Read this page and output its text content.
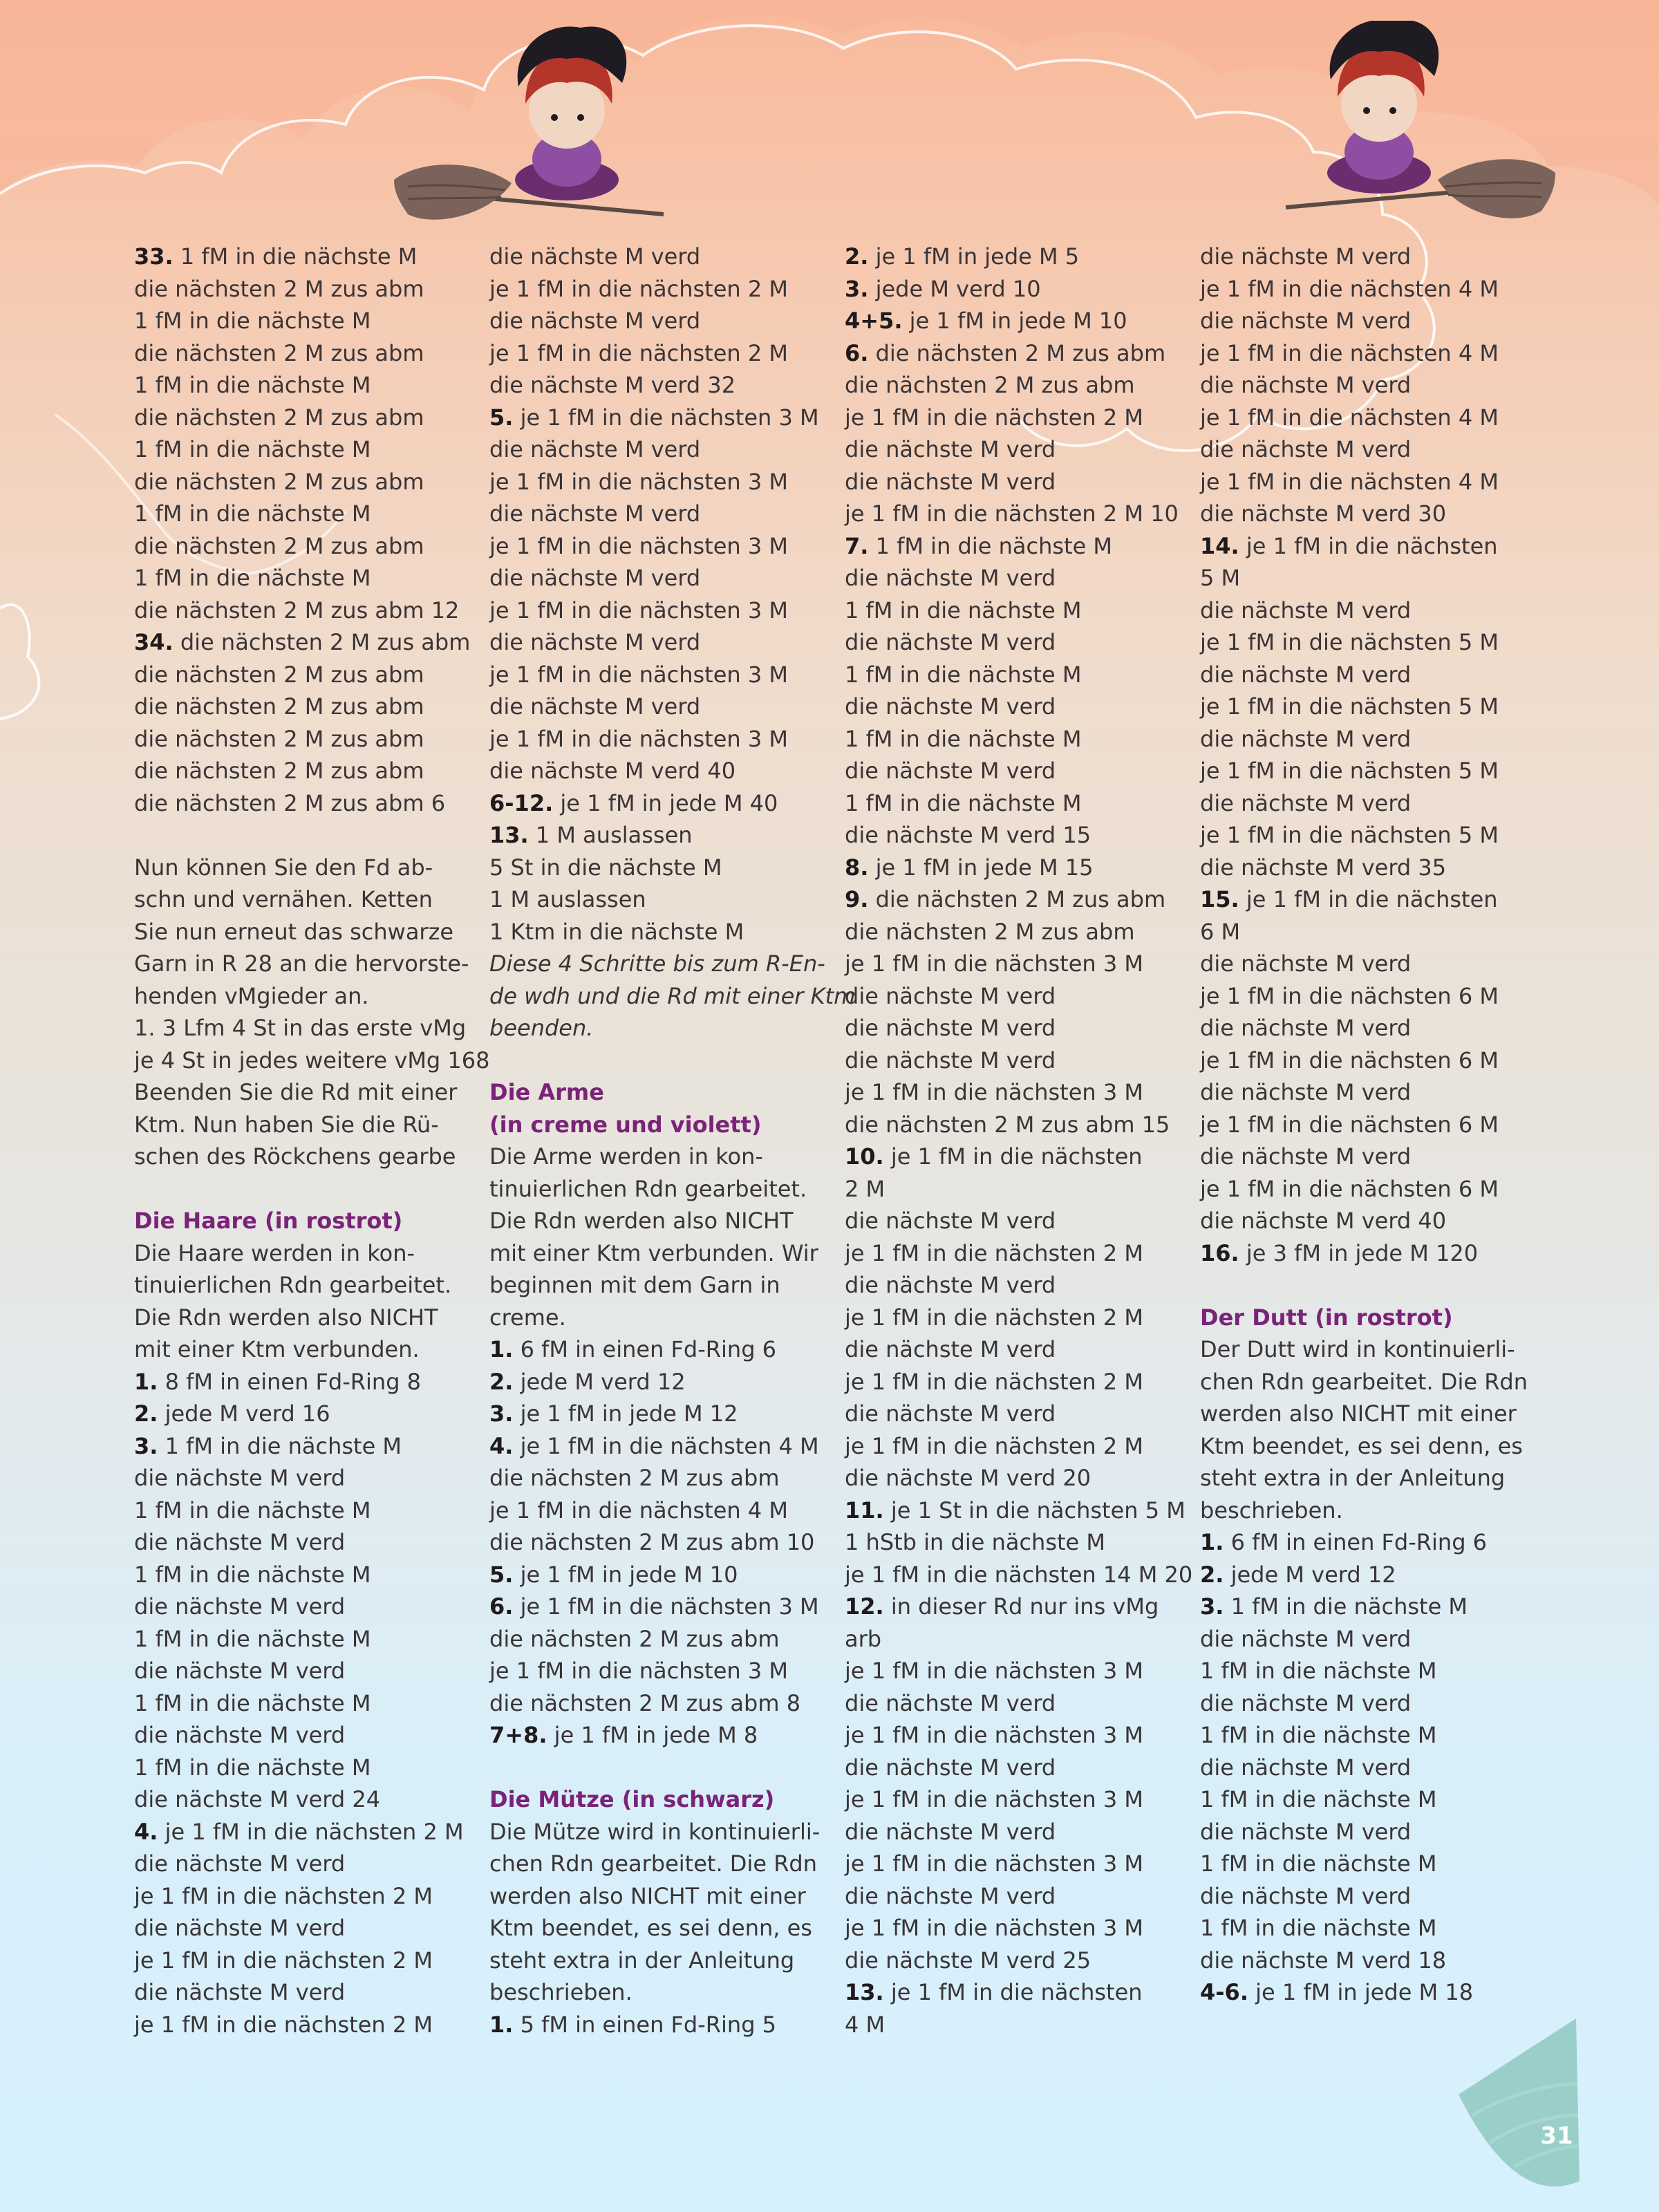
33. 1 fM in die nächste M
die nächsten 2 M zus abm
1 fM in die nächste M
die nächsten 2 M zus abm
1 fM in die nächste M
die nächsten 2 M zus abm
1 fM in die nächste M
die nächsten 2 M zus abm
1 fM in die nächste M
die nächsten 2 M zus abm
1 fM in die nächste M
die nächsten 2 M zus abm 12
34. die nächsten 2 M zus abm
die nächsten 2 M zus abm
die nächsten 2 M zus abm
die nächsten 2 M zus abm
die nächsten 2 M zus abm
die nächsten 2 M zus abm 6
Nun können Sie den Fd ab-
schn und vernähen. Ketten
Sie nun erneut das schwarze
Garn in R 28 an die hervorste-
henden vMgieder an.
1. 3 Lfm 4 St in das erste vMg
je 4 St in jedes weitere vMg 168
Beenden Sie die Rd mit einer
Ktm. Nun haben Sie die Rü-
schen des Röckchens gearbe
Die Haare (in rostrot)
Die Haare werden in kon-
tinuierlichen Rdn gearbeitet.
Die Rdn werden also NICHT
mit einer Ktm verbunden.
1. 8 fM in einen Fd-Ring 8
2. jede M verd 16
3. 1 fM in die nächste M
die nächste M verd
1 fM in die nächste M
die nächste M verd
1 fM in die nächste M
die nächste M verd
1 fM in die nächste M
die nächste M verd
1 fM in die nächste M
die nächste M verd
1 fM in die nächste M
die nächste M verd 24
4. je 1 fM in die nächsten 2 M
die nächste M verd
je 1 fM in die nächsten 2 M
die nächste M verd
je 1 fM in die nächsten 2 M
die nächste M verd
je 1 fM in die nächsten 2 M
die nächste M verd
je 1 fM in die nächsten 2 M
die nächste M verd
je 1 fM in die nächsten 2 M
die nächste M verd 32
5. je 1 fM in die nächsten 3 M
die nächste M verd
je 1 fM in die nächsten 3 M
die nächste M verd
je 1 fM in die nächsten 3 M
die nächste M verd
je 1 fM in die nächsten 3 M
die nächste M verd
je 1 fM in die nächsten 3 M
die nächste M verd
je 1 fM in die nächsten 3 M
die nächste M verd 40
6-12. je 1 fM in jede M 40
13. 1 M auslassen
5 St in die nächste M
1 M auslassen
1 Ktm in die nächste M
Diese 4 Schritte bis zum R-En-
de wdh und die Rd mit einer Ktm
beenden.
Die Arme
(in creme und violett)
Die Arme werden in kon-
tinuierlichen Rdn gearbeitet.
Die Rdn werden also NICHT
mit einer Ktm verbunden. Wir
beginnen mit dem Garn in
creme.
1. 6 fM in einen Fd-Ring 6
2. jede M verd 12
3. je 1 fM in jede M 12
4. je 1 fM in die nächsten 4 M
die nächsten 2 M zus abm
je 1 fM in die nächsten 4 M
die nächsten 2 M zus abm 10
5. je 1 fM in jede M 10
6. je 1 fM in die nächsten 3 M
die nächsten 2 M zus abm
je 1 fM in die nächsten 3 M
die nächsten 2 M zus abm 8
7+8. je 1 fM in jede M 8
Die Mütze (in schwarz)
Die Mütze wird in kontinuierli-
chen Rdn gearbeitet. Die Rdn
werden also NICHT mit einer
Ktm beendet, es sei denn, es
steht extra in der Anleitung
beschrieben.
1. 5 fM in einen Fd-Ring 5
2. je 1 fM in jede M 5
3. jede M verd 10
4+5. je 1 fM in jede M 10
6. die nächsten 2 M zus abm
die nächsten 2 M zus abm
je 1 fM in die nächsten 2 M
die nächste M verd
die nächste M verd
je 1 fM in die nächsten 2 M 10
7. 1 fM in die nächste M
die nächste M verd
1 fM in die nächste M
die nächste M verd
1 fM in die nächste M
die nächste M verd
1 fM in die nächste M
die nächste M verd
1 fM in die nächste M
die nächste M verd 15
8. je 1 fM in jede M 15
9. die nächsten 2 M zus abm
die nächsten 2 M zus abm
je 1 fM in die nächsten 3 M
die nächste M verd
die nächste M verd
die nächste M verd
je 1 fM in die nächsten 3 M
die nächsten 2 M zus abm 15
10. je 1 fM in die nächsten
2 M
die nächste M verd
je 1 fM in die nächsten 2 M
die nächste M verd
je 1 fM in die nächsten 2 M
die nächste M verd
je 1 fM in die nächsten 2 M
die nächste M verd
je 1 fM in die nächsten 2 M
die nächste M verd 20
11. je 1 St in die nächsten 5 M
1 hStb in die nächste M
je 1 fM in die nächsten 14 M 20
12. in dieser Rd nur ins vMg
arb
je 1 fM in die nächsten 3 M
die nächste M verd
je 1 fM in die nächsten 3 M
die nächste M verd
je 1 fM in die nächsten 3 M
die nächste M verd
je 1 fM in die nächsten 3 M
die nächste M verd
je 1 fM in die nächsten 3 M
die nächste M verd 25
13. je 1 fM in die nächsten
4 M
die nächste M verd
je 1 fM in die nächsten 4 M
die nächste M verd
je 1 fM in die nächsten 4 M
die nächste M verd
je 1 fM in die nächsten 4 M
die nächste M verd
je 1 fM in die nächsten 4 M
die nächste M verd 30
14. je 1 fM in die nächsten
5 M
die nächste M verd
je 1 fM in die nächsten 5 M
die nächste M verd
je 1 fM in die nächsten 5 M
die nächste M verd
je 1 fM in die nächsten 5 M
die nächste M verd
je 1 fM in die nächsten 5 M
die nächste M verd 35
15. je 1 fM in die nächsten
6 M
die nächste M verd
je 1 fM in die nächsten 6 M
die nächste M verd
je 1 fM in die nächsten 6 M
die nächste M verd
je 1 fM in die nächsten 6 M
die nächste M verd
je 1 fM in die nächsten 6 M
die nächste M verd 40
16. je 3 fM in jede M 120
Der Dutt (in rostrot)
Der Dutt wird in kontinuierli-
chen Rdn gearbeitet. Die Rdn
werden also NICHT mit einer
Ktm beendet, es sei denn, es
steht extra in der Anleitung
beschrieben.
1. 6 fM in einen Fd-Ring 6
2. jede M verd 12
3. 1 fM in die nächste M
die nächste M verd
1 fM in die nächste M
die nächste M verd
1 fM in die nächste M
die nächste M verd
1 fM in die nächste M
die nächste M verd
1 fM in die nächste M
die nächste M verd
1 fM in die nächste M
die nächste M verd 18
4-6. je 1 fM in jede M 18
31
